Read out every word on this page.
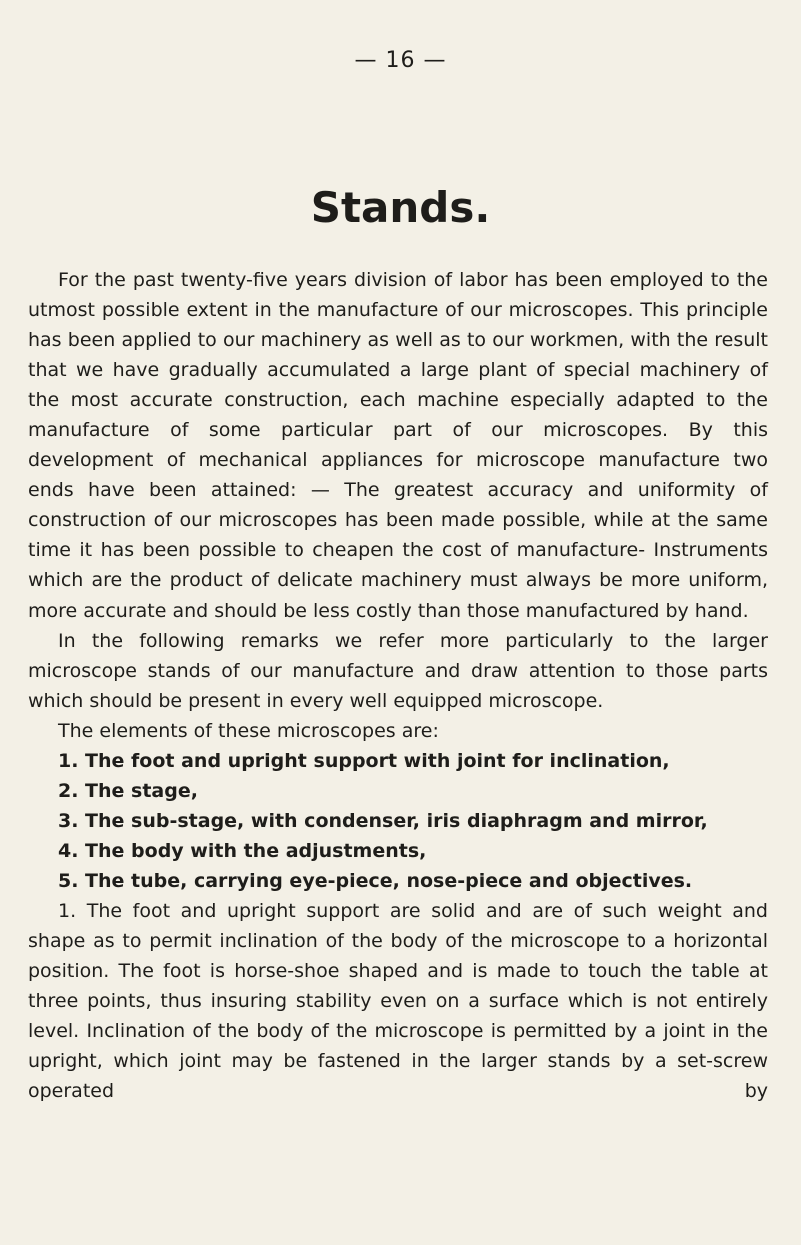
— 16 —
Stands.

For the past twenty-five years division of labor has been employed to the utmost possible extent in the manufacture of our microscopes. This principle has been applied to our machinery as well as to our workmen, with the result that we have gradually accumulated a large plant of special machinery of the most accurate construction, each machine especially adapted to the manufacture of some particular part of our microscopes. By this development of mechanical appliances for microscope manufacture two ends have been attained: — The greatest accuracy and uniformity of construction of our microscopes has been made possible, while at the same time it has been possible to cheapen the cost of manufacture- Instruments which are the product of delicate machinery must always be more uniform, more accurate and should be less costly than those manufactured by hand.

In the following remarks we refer more particularly to the larger microscope stands of our manufacture and draw attention to those parts which should be present in every well equipped microscope.

The elements of these microscopes are:

1. The foot and upright support with joint for inclination,
2. The stage,
3. The sub-stage, with condenser, iris diaphragm and mirror,
4. The body with the adjustments,
5. The tube, carrying eye-piece, nose-piece and objectives.

1. The foot and upright support are solid and are of such weight and shape as to permit inclination of the body of the microscope to a horizontal position. The foot is horse-shoe shaped and is made to touch the table at three points, thus insuring stability even on a surface which is not entirely level. Inclination of the body of the microscope is permitted by a joint in the upright, which joint may be fastened in the larger stands by a set-screw operated by
